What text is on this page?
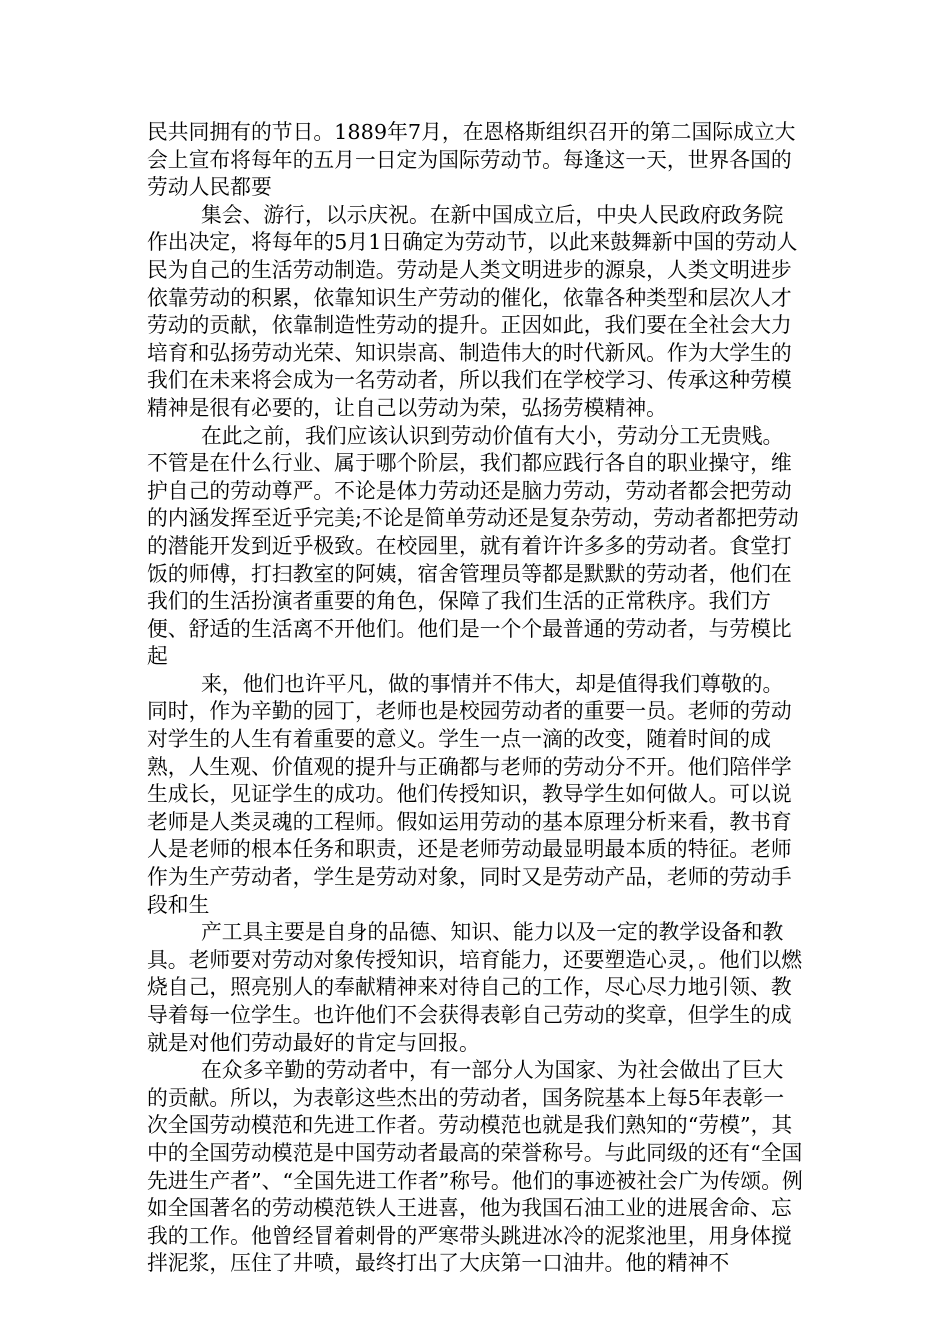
民共同拥有的节日。1889年7月，在恩格斯组织召开的第二国际成立大会上宣布将每年的五月一日定为国际劳动节。每逢这一天，世界各国的劳动人民都要

集会、游行，以示庆祝。在新中国成立后，中央人民政府政务院作出决定，将每年的5月1日确定为劳动节，以此来鼓舞新中国的劳动人民为自己的生活劳动制造。劳动是人类文明进步的源泉，人类文明进步依靠劳动的积累，依靠知识生产劳动的催化，依靠各种类型和层次人才劳动的贡献，依靠制造性劳动的提升。正因如此，我们要在全社会大力培育和弘扬劳动光荣、知识崇高、制造伟大的时代新风。作为大学生的我们在未来将会成为一名劳动者，所以我们在学校学习、传承这种劳模精神是很有必要的，让自己以劳动为荣，弘扬劳模精神。

在此之前，我们应该认识到劳动价值有大小，劳动分工无贵贱。不管是在什么行业、属于哪个阶层，我们都应践行各自的职业操守，维护自己的劳动尊严。不论是体力劳动还是脑力劳动，劳动者都会把劳动的内涵发挥至近乎完美;不论是简单劳动还是复杂劳动，劳动者都把劳动的潜能开发到近乎极致。在校园里，就有着许许多多的劳动者。食堂打饭的师傅，打扫教室的阿姨，宿舍管理员等都是默默的劳动者，他们在我们的生活扮演者重要的角色，保障了我们生活的正常秩序。我们方便、舒适的生活离不开他们。他们是一个个最普通的劳动者，与劳模比起

来，他们也许平凡，做的事情并不伟大，却是值得我们尊敬的。同时，作为辛勤的园丁，老师也是校园劳动者的重要一员。老师的劳动对学生的人生有着重要的意义。学生一点一滴的改变，随着时间的成熟，人生观、价值观的提升与正确都与老师的劳动分不开。他们陪伴学生成长，见证学生的成功。他们传授知识，教导学生如何做人。可以说老师是人类灵魂的工程师。假如运用劳动的基本原理分析来看，教书育人是老师的根本任务和职责，还是老师劳动最显明最本质的特征。老师作为生产劳动者，学生是劳动对象，同时又是劳动产品，老师的劳动手段和生

产工具主要是自身的品德、知识、能力以及一定的教学设备和教具。老师要对劳动对象传授知识，培育能力，还要塑造心灵，。他们以燃烧自己，照亮别人的奉献精神来对待自己的工作，尽心尽力地引领、教导着每一位学生。也许他们不会获得表彰自己劳动的奖章，但学生的成就是对他们劳动最好的肯定与回报。

在众多辛勤的劳动者中，有一部分人为国家、为社会做出了巨大的贡献。所以，为表彰这些杰出的劳动者，国务院基本上每5年表彰一次全国劳动模范和先进工作者。劳动模范也就是我们熟知的“劳模”，其中的全国劳动模范是中国劳动者最高的荣誉称号。与此同级的还有“全国先进生产者”、“全国先进工作者”称号。他们的事迹被社会广为传颂。例如全国著名的劳动模范铁人王进喜，他为我国石油工业的进展舍命、忘我的工作。他曾经冒着刺骨的严寒带头跳进冰冷的泥浆池里，用身体搅拌泥浆，压住了井喷，最终打出了大庆第一口油井。他的精神不
